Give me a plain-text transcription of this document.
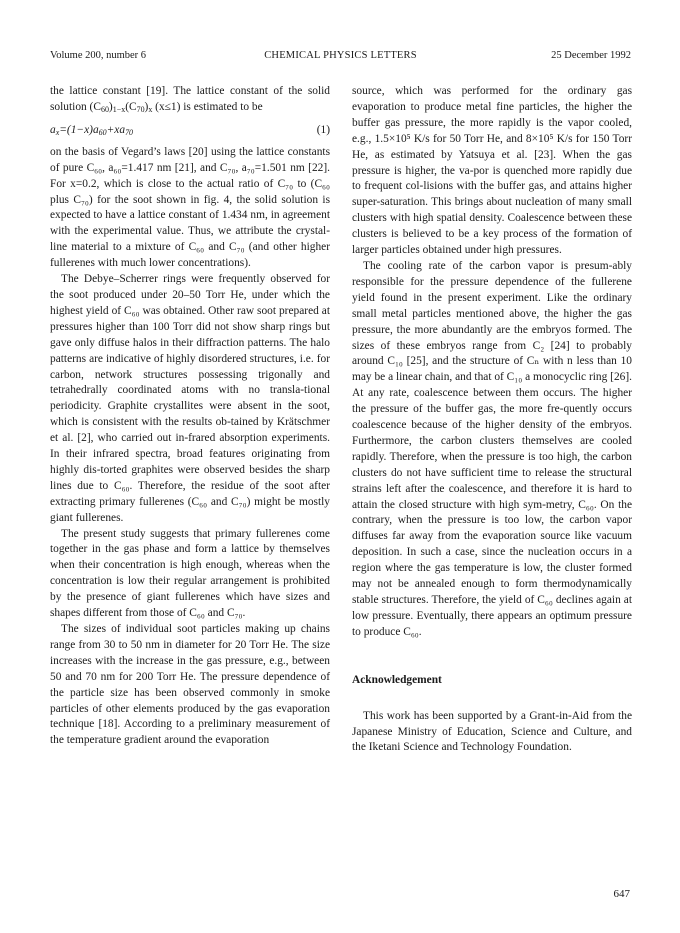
Volume 200, number 6	CHEMICAL PHYSICS LETTERS	25 December 1992

the lattice constant [19]. The lattice constant of the solid solution $(C_{60})_{1-x}(C_{70})_x$ (x≤1) is estimated to be

$a_x=(1-x)a_{60}+xa_{70}$	(1)

on the basis of Vegard’s laws [20] using the lattice constants of pure C₆₀, a₆₀=1.417 nm [21], and C₇₀, a₇₀=1.501 nm [22]. For x=0.2, which is close to the actual ratio of C₇₀ to (C₆₀ plus C₇₀) for the soot shown in fig. 4, the solid solution is expected to have a lattice constant of 1.434 nm, in agreement with the experimental value. Thus, we attribute the crystal-line material to a mixture of C₆₀ and C₇₀ (and other higher fullerenes with much lower concentrations).

The Debye–Scherrer rings were frequently observed for the soot produced under 20–50 Torr He, under which the highest yield of C₆₀ was obtained. Other raw soot prepared at pressures higher than 100 Torr did not show sharp rings but gave only diffuse halos in their diffraction patterns. The halo patterns are indicative of highly disordered structures, i.e. for carbon, network structures possessing trigonally and tetrahedrally coordinated atoms with no transla-tional periodicity. Graphite crystallites were absent in the soot, which is consistent with the results ob-tained by Krätschmer et al. [2], who carried out in-frared absorption experiments. In their infrared spectra, broad features originating from highly dis-torted graphites were observed besides the sharp lines due to C₆₀. Therefore, the residue of the soot after extracting primary fullerenes (C₆₀ and C₇₀) might be mostly giant fullerenes.

The present study suggests that primary fullerenes come together in the gas phase and form a lattice by themselves when their concentration is high enough, whereas when the concentration is low their regular arrangement is prohibited by the presence of giant fullerenes which have sizes and shapes different from those of C₆₀ and C₇₀.

The sizes of individual soot particles making up chains range from 30 to 50 nm in diameter for 20 Torr He. The size increases with the increase in the gas pressure, e.g., between 50 and 70 nm for 200 Torr He. The pressure dependence of the particle size has been observed commonly in smoke particles of other elements produced by the gas evaporation technique [18]. According to a preliminary measurement of the temperature gradient around the evaporation

source, which was performed for the ordinary gas evaporation to produce metal fine particles, the higher the buffer gas pressure, the more rapidly is the vapor cooled, e.g., 1.5×10⁵ K/s for 50 Torr He, and 8×10⁵ K/s for 150 Torr He, as estimated by Yatsuya et al. [23]. When the gas pressure is higher, the va-por is quenched more rapidly due to frequent col-lisions with the buffer gas, and attains higher super-saturation. This brings about nucleation of many small clusters with high spatial density. Coalescence between these clusters is believed to be a key process of the formation of larger particles obtained under high pressures.

The cooling rate of the carbon vapor is presum-ably responsible for the pressure dependence of the fullerene yield found in the present experiment. Like the ordinary small metal particles mentioned above, the higher the gas pressure, the more abundantly are the embryos formed. The sizes of these embryos range from C₂ [24] to probably around C₁₀ [25], and the structure of Cₙ with n less than 10 may be a linear chain, and that of C₁₀ a monocyclic ring [26]. At any rate, coalescence between them occurs. The higher the pressure of the buffer gas, the more fre-quently occurs coalescence because of the higher density of the embryos. Furthermore, the carbon clusters themselves are cooled rapidly. Therefore, when the pressure is too high, the carbon clusters do not have sufficient time to release the structural strains left after the coalescence, and therefore it is hard to attain the closed structure with high sym-metry, C₆₀. On the contrary, when the pressure is too low, the carbon vapor diffuses far away from the evaporation source like vacuum deposition. In such a case, since the nucleation occurs in a region where the gas temperature is low, the cluster formed may not be annealed enough to form thermodynamically stable structures. Therefore, the yield of C₆₀ declines again at low pressure. Eventually, there appears an optimum pressure to produce C₆₀.

Acknowledgement

This work has been supported by a Grant-in-Aid from the Japanese Ministry of Education, Science and Culture, and the Iketani Science and Technology Foundation.

647
